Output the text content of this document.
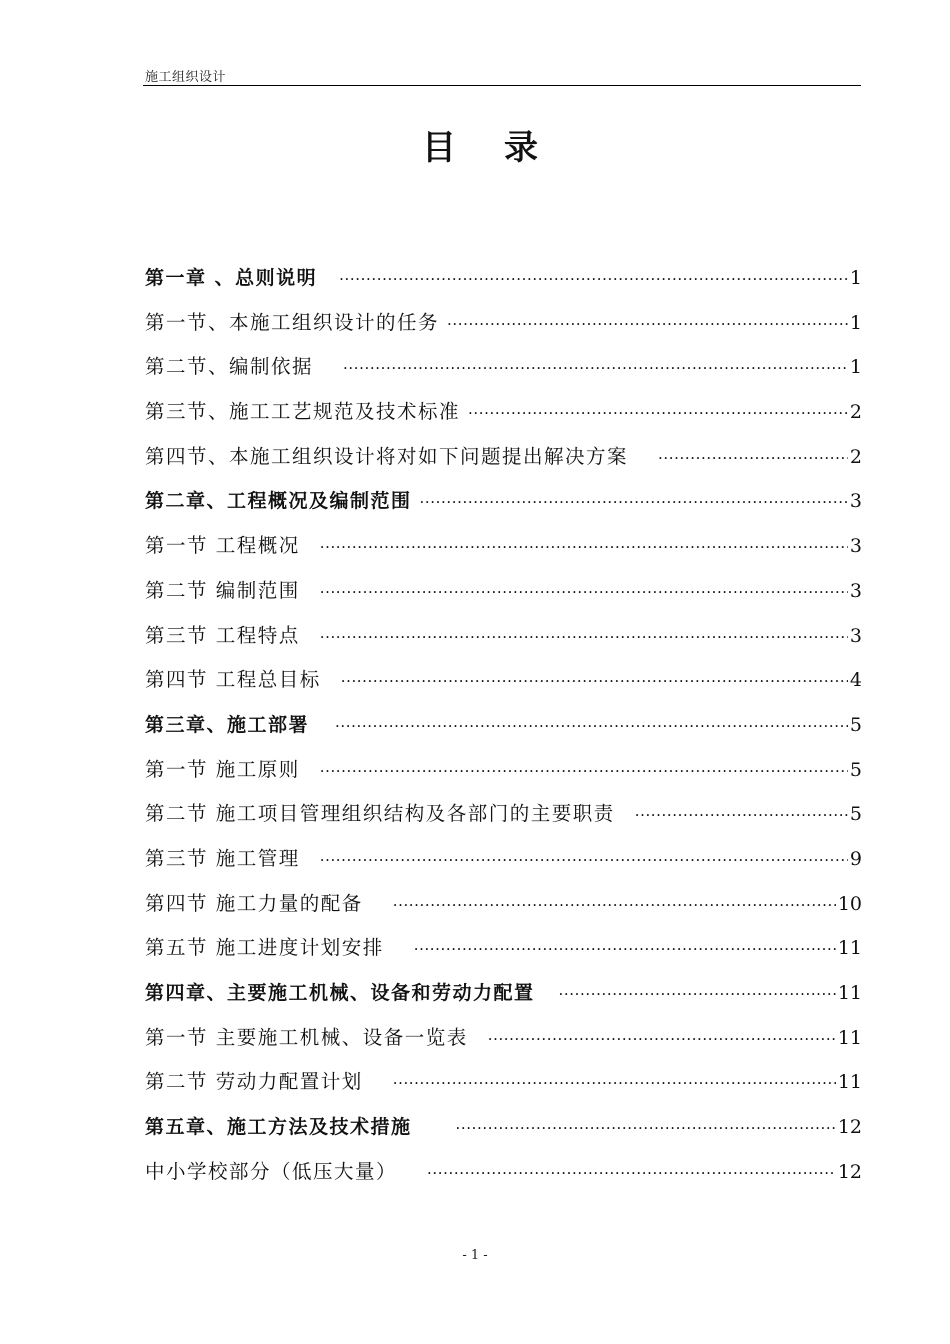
施工组织设计
目录
第一章 、总则说明 ·····	1
第一节、本施工组织设计的任务 ·····	1
第二节、编制依据 ·····	1
第三节、施工工艺规范及技术标准 ·····	2
第四节、本施工组织设计将对如下问题提出解决方案 ·····	2
第二章、工程概况及编制范围 ·····	3
第一节 工程概况 ·····	3
第二节 编制范围 ·····	3
第三节 工程特点 ·····	3
第四节 工程总目标 ·····	4
第三章、施工部署 ·····	5
第一节 施工原则 ·····	5
第二节 施工项目管理组织结构及各部门的主要职责 ·····	5
第三节 施工管理 ·····	9
第四节 施工力量的配备 ·····	10
第五节 施工进度计划安排 ·····	11
第四章、主要施工机械、设备和劳动力配置 ·····	11
第一节 主要施工机械、设备一览表 ·····	11
第二节 劳动力配置计划 ·····	11
第五章、施工方法及技术措施 ·····	12
中小学校部分（低压大量） ·····	12
- 1 -
